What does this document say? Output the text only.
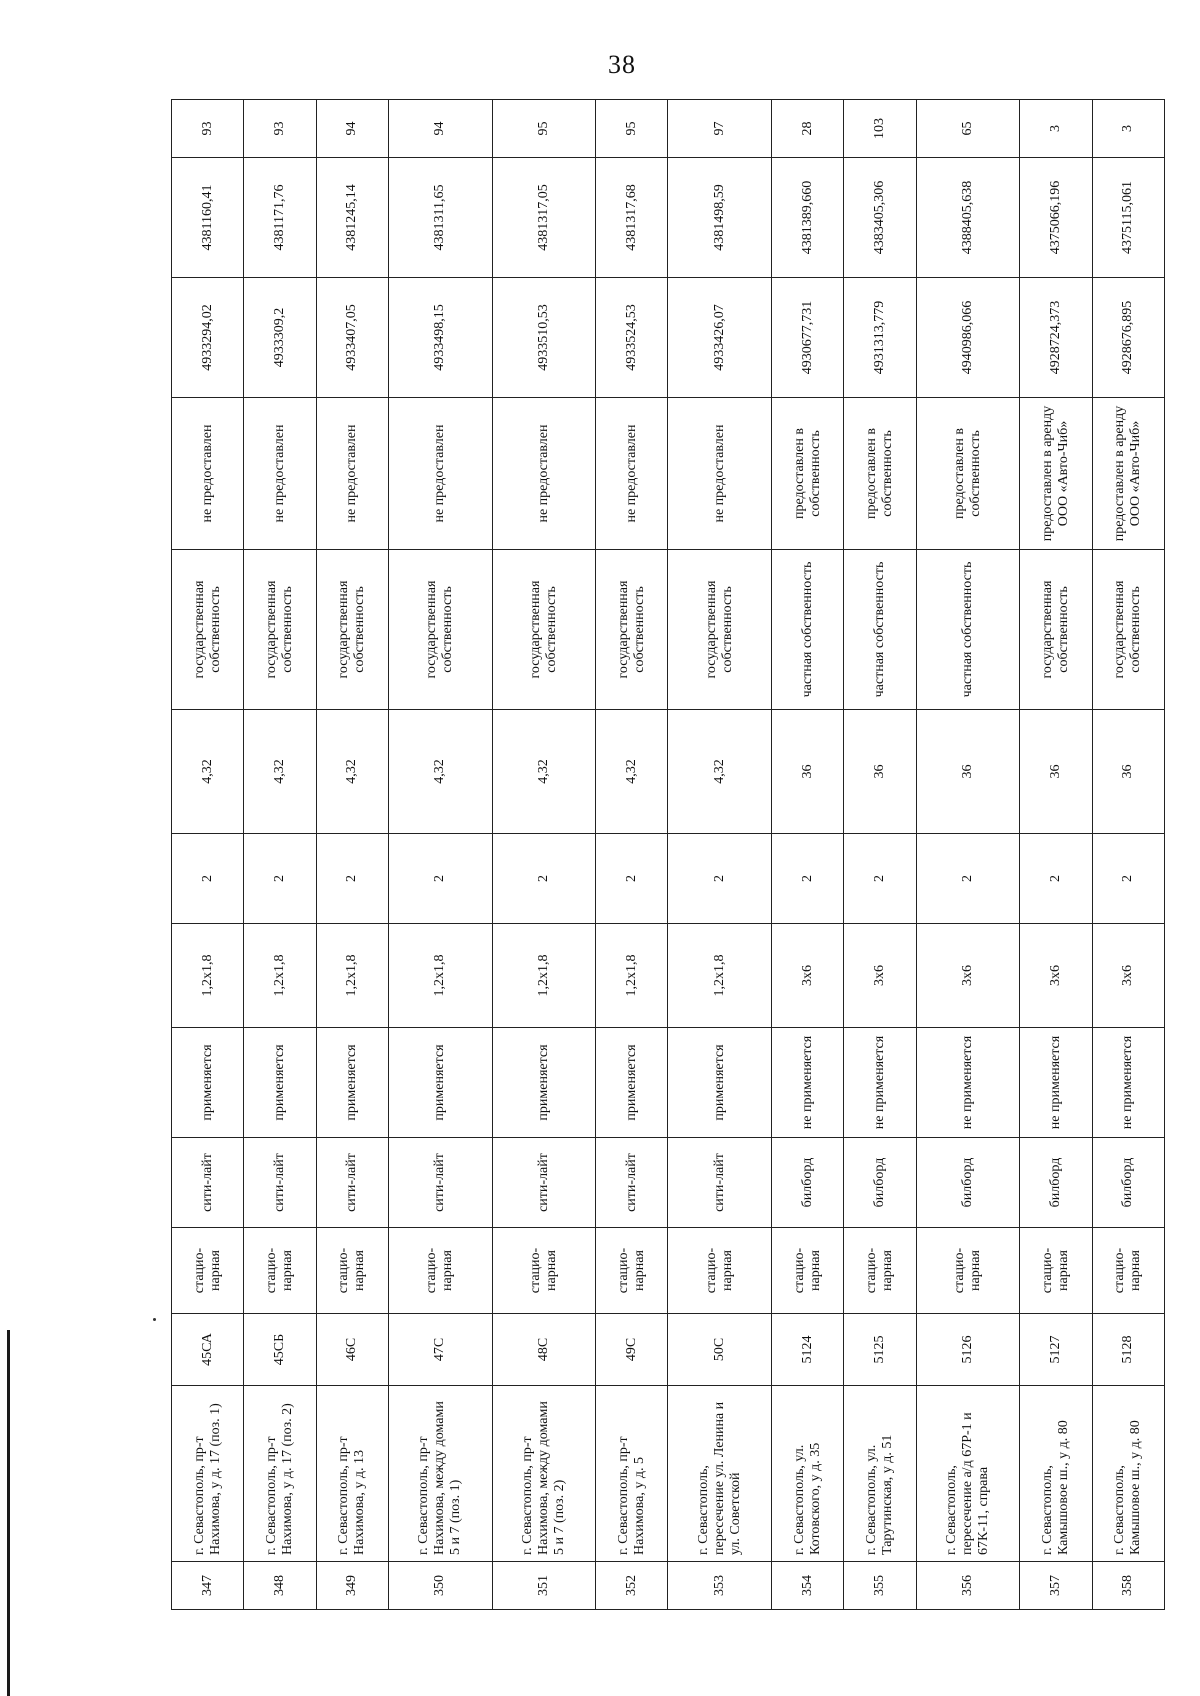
38
347	г. Севастополь, пр-т Нахимова, у д. 17 (поз. 1)	45СА	стацио-нарная	сити-лайт	применяется	1,2x1,8	2	4,32	государственная собственность	не предоставлен	4933294,02	4381160,41	93
348	г. Севастополь, пр-т Нахимова, у д. 17 (поз. 2)	45СБ	стацио-нарная	сити-лайт	применяется	1,2x1,8	2	4,32	государственная собственность	не предоставлен	4933309,2	4381171,76	93
349	г. Севастополь, пр-т Нахимова, у д. 13	46С	стацио-нарная	сити-лайт	применяется	1,2x1,8	2	4,32	государственная собственность	не предоставлен	4933407,05	4381245,14	94
350	г. Севастополь, пр-т Нахимова, между домами 5 и 7 (поз. 1)	47С	стацио-нарная	сити-лайт	применяется	1,2x1,8	2	4,32	государственная собственность	не предоставлен	4933498,15	4381311,65	94
351	г. Севастополь, пр-т Нахимова, между домами 5 и 7 (поз. 2)	48С	стацио-нарная	сити-лайт	применяется	1,2x1,8	2	4,32	государственная собственность	не предоставлен	4933510,53	4381317,05	95
352	г. Севастополь, пр-т Нахимова, у д. 5	49С	стацио-нарная	сити-лайт	применяется	1,2x1,8	2	4,32	государственная собственность	не предоставлен	4933524,53	4381317,68	95
353	г. Севастополь, пересечение ул. Ленина и ул. Советской	50С	стацио-нарная	сити-лайт	применяется	1,2x1,8	2	4,32	государственная собственность	не предоставлен	4933426,07	4381498,59	97
354	г. Севастополь, ул. Котовского, у д. 35	5124	стацио-нарная	билборд	не применяется	3x6	2	36	частная собственность	предоставлен в собственность	4930677,731	4381389,660	28
355	г. Севастополь, ул. Тарутинская, у д. 51	5125	стацио-нарная	билборд	не применяется	3x6	2	36	частная собственность	предоставлен в собственность	4931313,779	4383405,306	103
356	г. Севастополь, пересечение а/д 67Р-1 и 67К-11, справа	5126	стацио-нарная	билборд	не применяется	3x6	2	36	частная собственность	предоставлен в собственность	4940986,066	4388405,638	65
357	г. Севастополь, Камышовое ш., у д. 80	5127	стацио-нарная	билборд	не применяется	3x6	2	36	государственная собственность	предоставлен в аренду ООО «Авто-Чиб»	4928724,373	4375066,196	3
358	г. Севастополь, Камышовое ш., у д. 80	5128	стацио-нарная	билборд	не применяется	3x6	2	36	государственная собственность	предоставлен в аренду ООО «Авто-Чиб»	4928676,895	4375115,061	3
